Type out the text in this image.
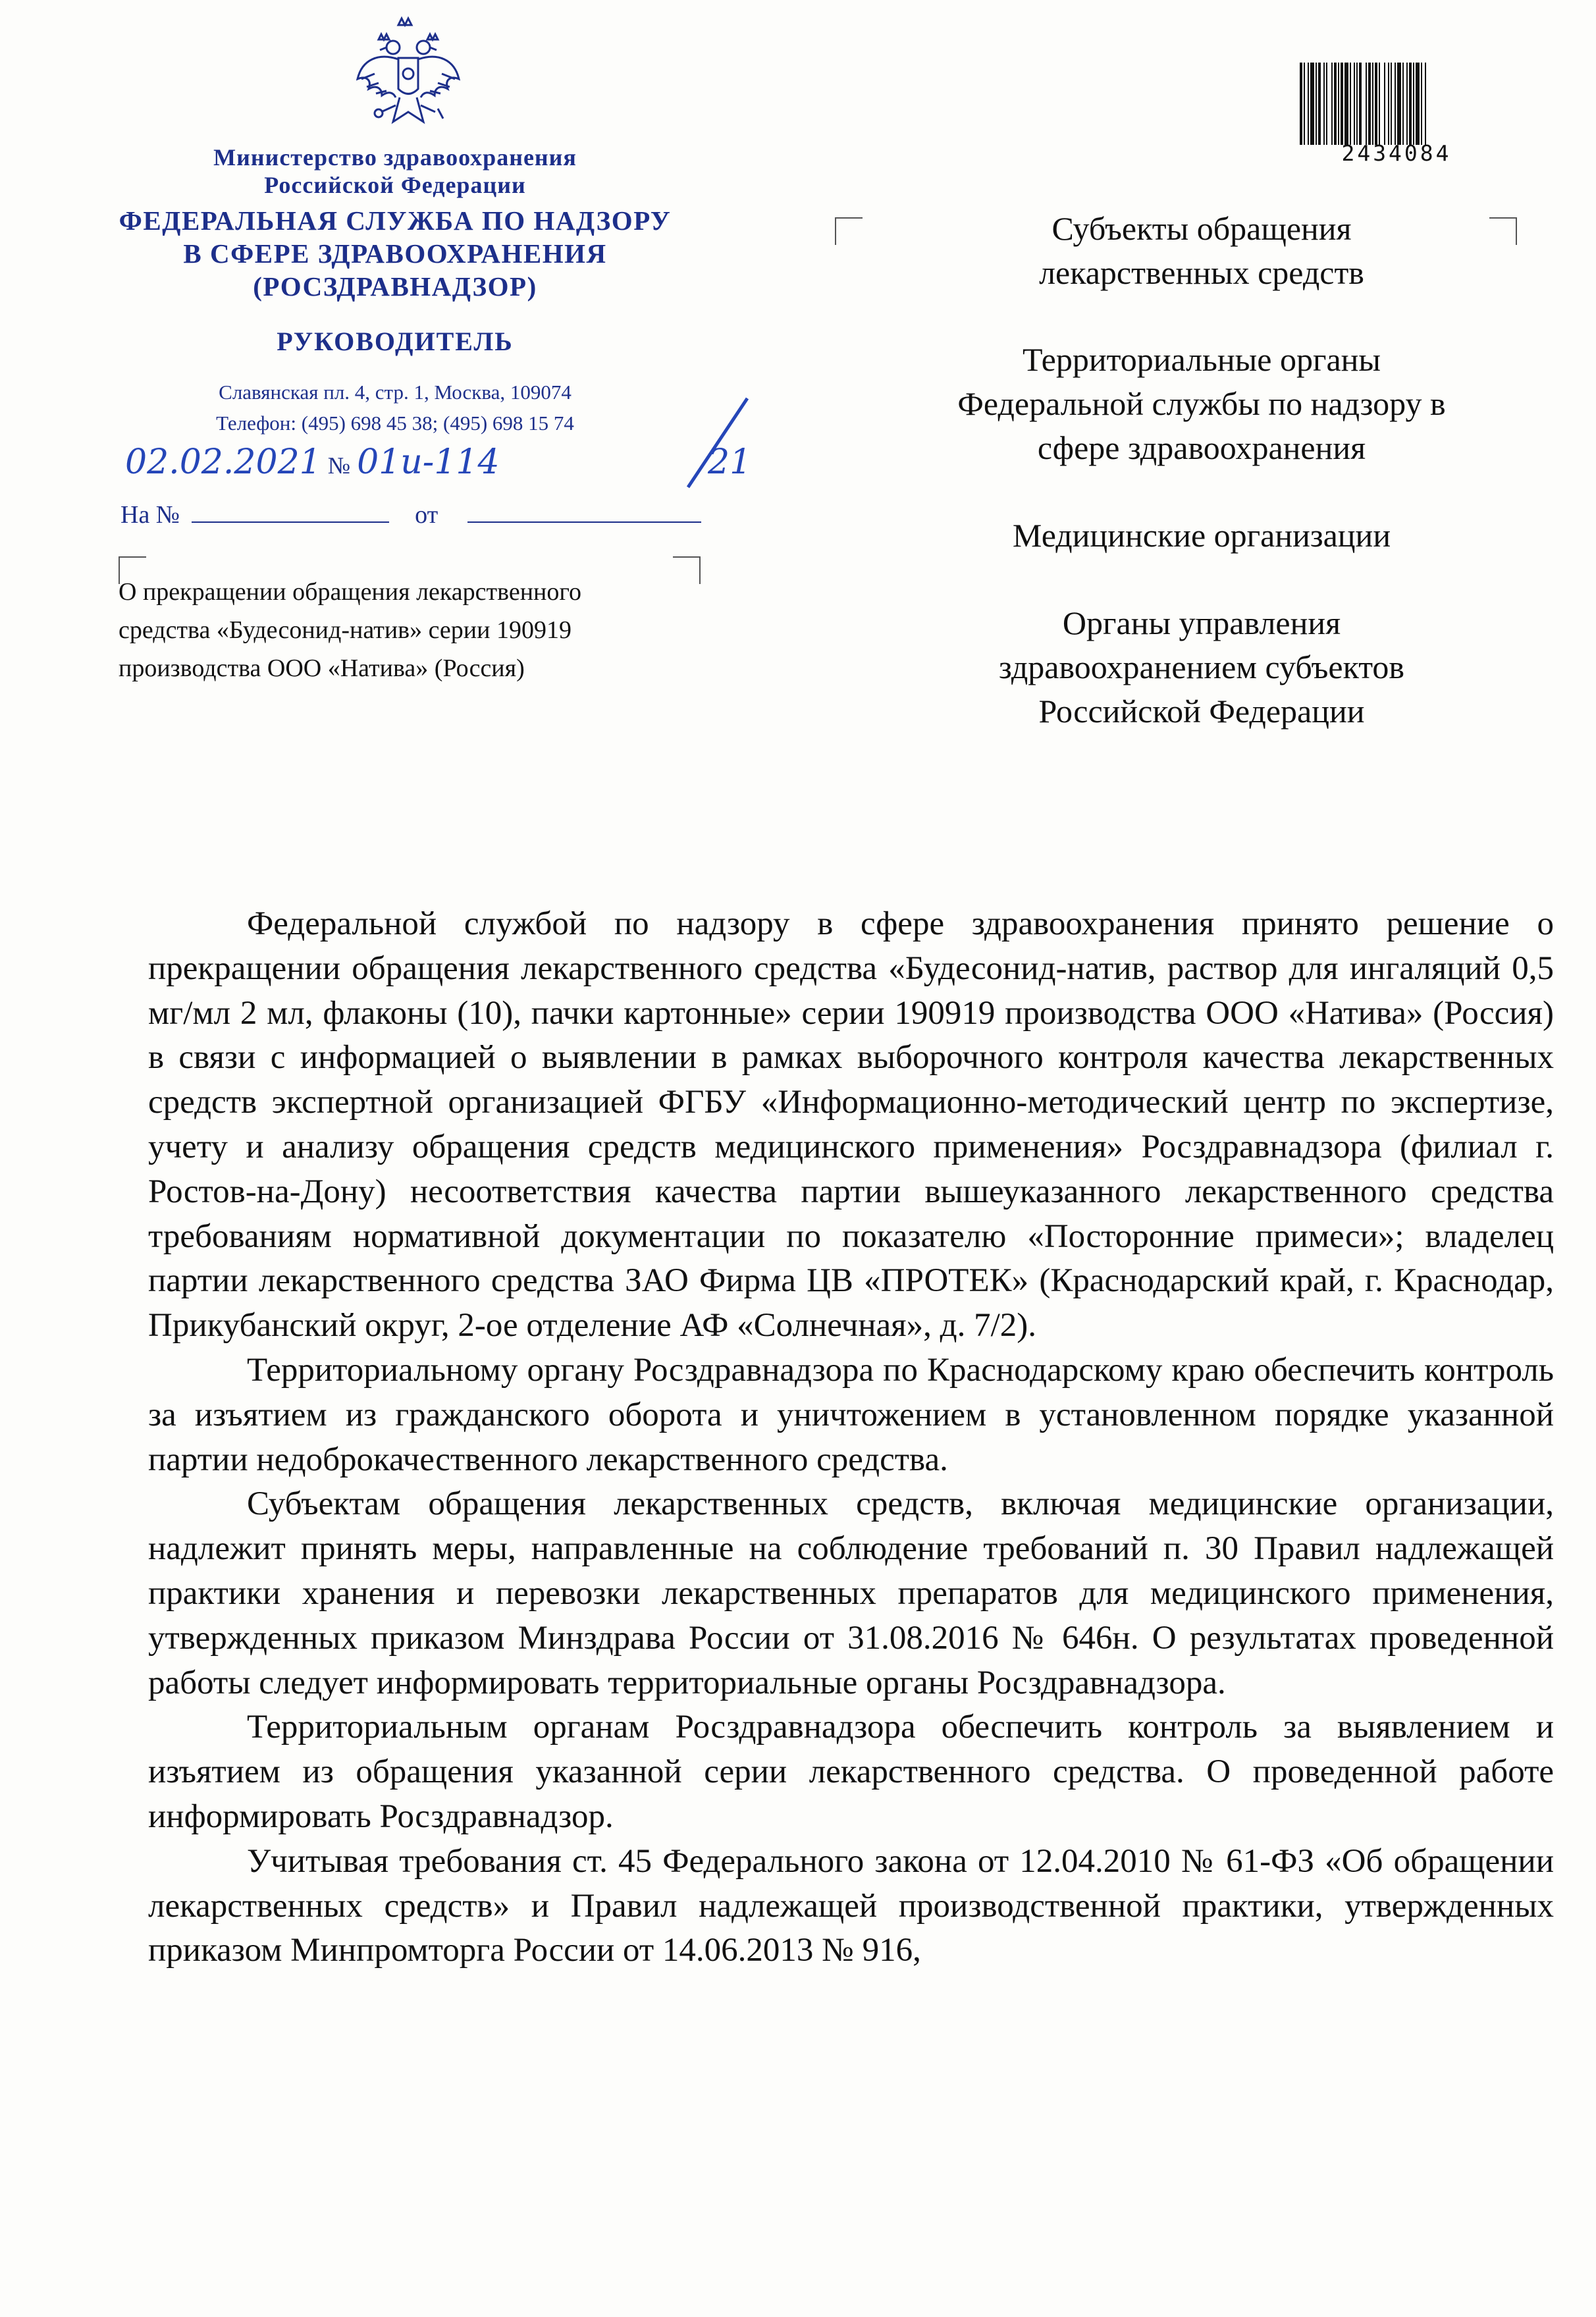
Министерство здравоохранения
Российской Федерации
ФЕДЕРАЛЬНАЯ СЛУЖБА ПО НАДЗОРУ
В СФЕРЕ ЗДРАВООХРАНЕНИЯ
(РОСЗДРАВНАДЗОР)
РУКОВОДИТЕЛЬ
Славянская пл. 4, стр. 1, Москва, 109074
Телефон: (495) 698 45 38; (495) 698 15 74
02.02.2021 № 01и-114	21
На №	от
О прекращении обращения лекарственного
средства «Будесонид-натив» серии 190919
производства ООО «Натива» (Россия)
2434084
Субъекты обращения
лекарственных средств
Территориальные органы
Федеральной службы по надзору в
сфере здравоохранения
Медицинские организации
Органы управления
здравоохранением субъектов
Российской Федерации

Федеральной службой по надзору в сфере здравоохранения принято решение о прекращении обращения лекарственного средства «Будесонид-натив, раствор для ингаляций 0,5 мг/мл 2 мл, флаконы (10), пачки картонные» серии 190919 производства ООО «Натива» (Россия) в связи с информацией о выявлении в рамках выборочного контроля качества лекарственных средств экспертной организацией ФГБУ «Информационно-методический центр по экспертизе, учету и анализу обращения средств медицинского применения» Росздравнадзора (филиал г. Ростов-на-Дону) несоответствия качества партии вышеуказанного лекарственного средства требованиям нормативной документации по показателю «Посторонние примеси»; владелец партии лекарственного средства ЗАО Фирма ЦВ «ПРОТЕК» (Краснодарский край, г. Краснодар, Прикубанский округ, 2-ое отделение АФ «Солнечная», д. 7/2).

Территориальному органу Росздравнадзора по Краснодарскому краю обеспечить контроль за изъятием из гражданского оборота и уничтожением в установленном порядке указанной партии недоброкачественного лекарственного средства.

Субъектам обращения лекарственных средств, включая медицинские организации, надлежит принять меры, направленные на соблюдение требований п. 30 Правил надлежащей практики хранения и перевозки лекарственных препаратов для медицинского применения, утвержденных приказом Минздрава России от 31.08.2016 № 646н. О результатах проведенной работы следует информировать территориальные органы Росздравнадзора.

Территориальным органам Росздравнадзора обеспечить контроль за выявлением и изъятием из обращения указанной серии лекарственного средства. О проведенной работе информировать Росздравнадзор.

Учитывая требования ст. 45 Федерального закона от 12.04.2010 № 61-ФЗ «Об обращении лекарственных средств» и Правил надлежащей производственной практики, утвержденных приказом Минпромторга России от 14.06.2013 № 916,
